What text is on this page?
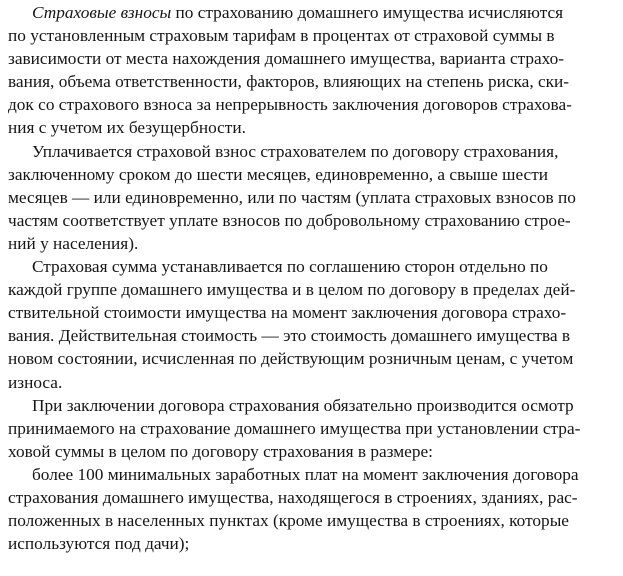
Страховые взносы по страхованию домашнего имущества исчисляются
по установленным страховым тарифам в процентах от страховой суммы в
зависимости от места нахождения домашнего имущества, варианта страхо-
вания, объема ответственности, факторов, влияющих на степень риска, ски-
док со страхового взноса за непрерывность заключения договоров страхова-
ния с учетом их безущербности.

Уплачивается страховой взнос страхователем по договору страхования,
заключенному сроком до шести месяцев, единовременно, а свыше шести
месяцев — или единовременно, или по частям (уплата страховых взносов по
частям соответствует уплате взносов по добровольному страхованию строе-
ний у населения).

Страховая сумма устанавливается по соглашению сторон отдельно по
каждой группе домашнего имущества и в целом по договору в пределах дей-
ствительной стоимости имущества на момент заключения договора страхо-
вания. Действительная стоимость — это стоимость домашнего имущества в
новом состоянии, исчисленная по действующим розничным ценам, с учетом
износа.

При заключении договора страхования обязательно производится осмотр
принимаемого на страхование домашнего имущества при установлении стра-
ховой суммы в целом по договору страхования в размере:

более 100 минимальных заработных плат на момент заключения договора
страхования домашнего имущества, находящегося в строениях, зданиях, рас-
положенных в населенных пунктах (кроме имущества в строениях, которые
используются под дачи);
